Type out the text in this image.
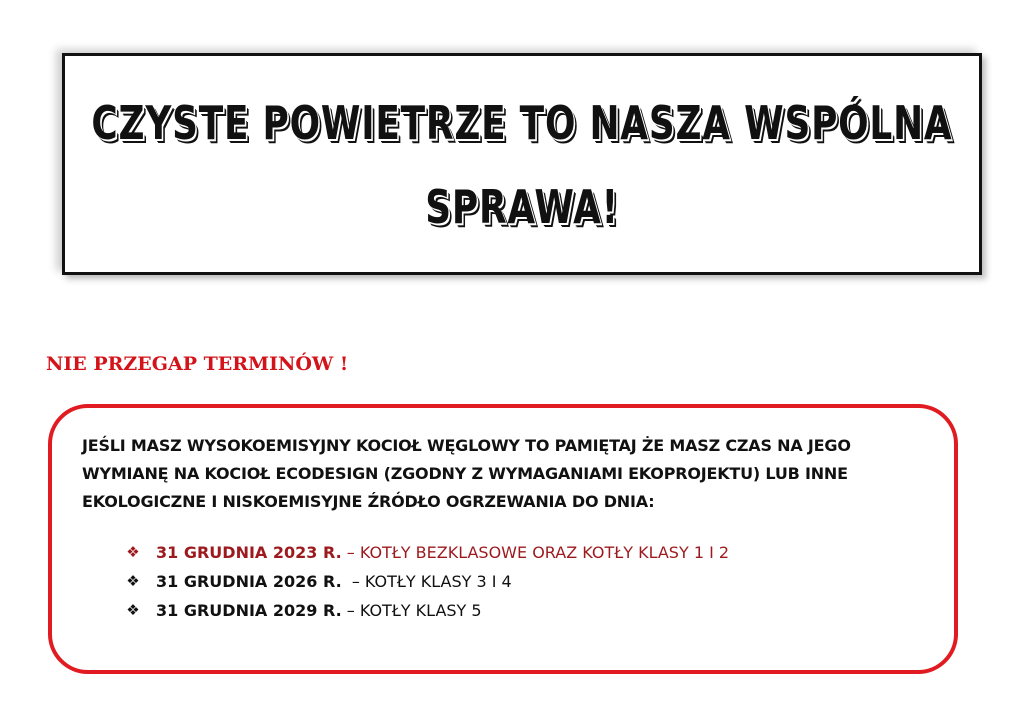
CZYSTE POWIETRZE TO NASZA WSPÓLNA
SPRAWA!
NIE PRZEGAP TERMINÓW !
JEŚLI MASZ WYSOKOEMISYJNY KOCIOŁ WĘGLOWY TO PAMIĘTAJ ŻE MASZ CZAS NA JEGO WYMIANĘ NA KOCIOŁ ECODESIGN (ZGODNY Z WYMAGANIAMI EKOPROJEKTU) LUB INNE EKOLOGICZNE I NISKOEMISYJNE ŹRÓDŁO OGRZEWANIA DO DNIA:
❖ 31 GRUDNIA 2023 R. – KOTŁY BEZKLASOWE ORAZ KOTŁY KLASY 1 I 2
❖ 31 GRUDNIA 2026 R. – KOTŁY KLASY 3 I 4
❖ 31 GRUDNIA 2029 R. – KOTŁY KLASY 5
